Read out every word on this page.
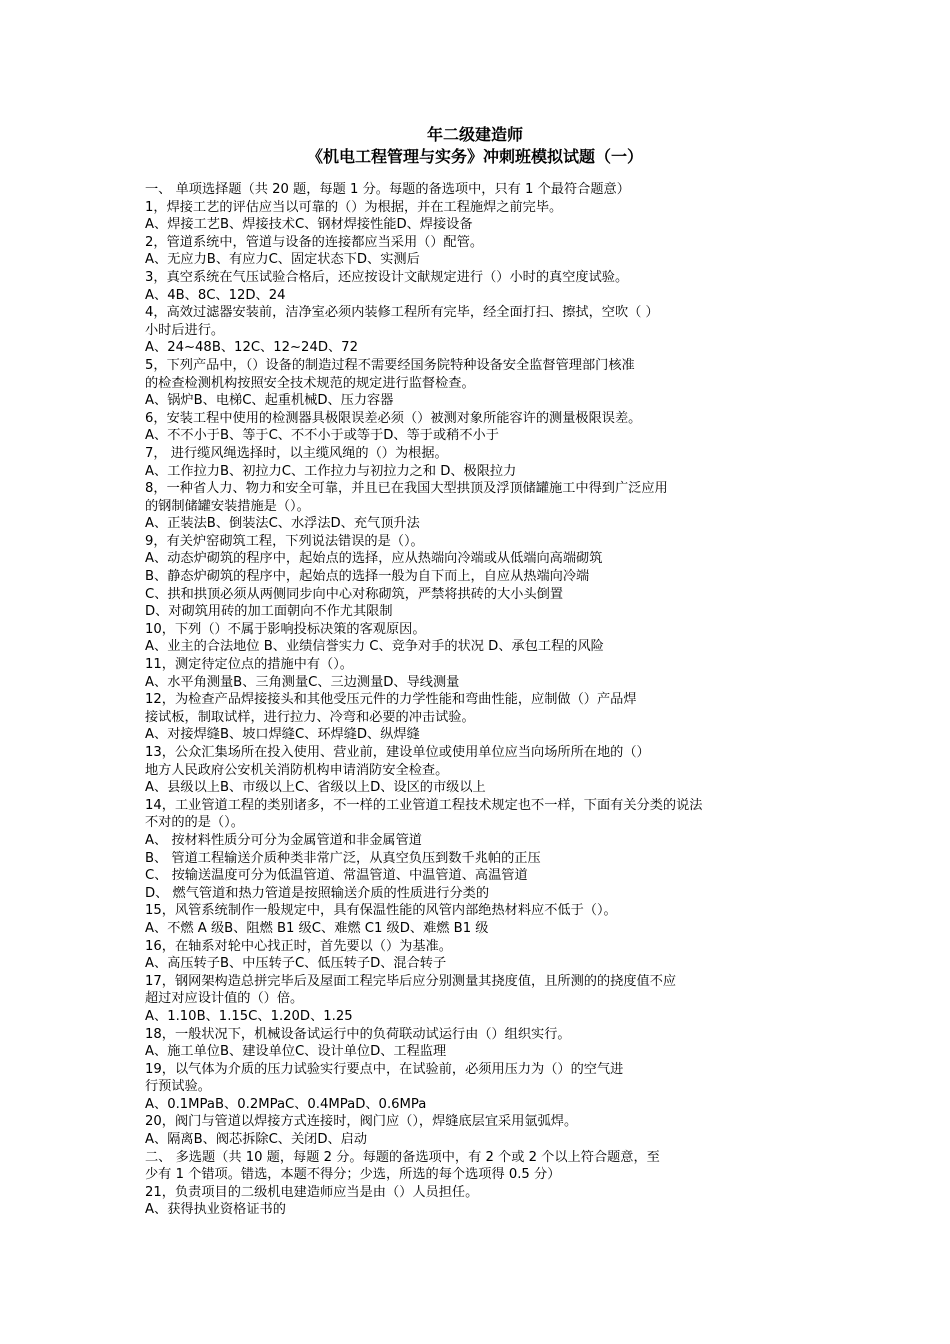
年二级建造师
《机电工程管理与实务》冲刺班模拟试题（一）
一、 单项选择题（共 20 题，每题 1 分。每题的备选项中，只有 1 个最符合题意）
1，焊接工艺的评估应当以可靠的（）为根据，并在工程施焊之前完毕。
A、焊接工艺B、焊接技术C、钢材焊接性能D、焊接设备
2，管道系统中，管道与设备的连接都应当采用（）配管。
A、无应力B、有应力C、固定状态下D、实测后
3，真空系统在气压试验合格后，还应按设计文献规定进行（）小时的真空度试验。
A、4B、8C、12D、24
4，高效过滤器安装前，洁净室必须内装修工程所有完毕，经全面打扫、擦拭，空吹（ ）
小时后进行。
A、24~48B、12C、12~24D、72
5，下列产品中，（）设备的制造过程不需要经国务院特种设备安全监督管理部门核准
的检查检测机构按照安全技术规范的规定进行监督检查。
A、锅炉B、电梯C、起重机械D、压力容器
6，安装工程中使用的检测器具极限误差必须（）被测对象所能容许的测量极限误差。
A、不不小于B、等于C、不不小于或等于D、等于或稍不小于
7， 进行缆风绳选择时，以主缆风绳的（）为根据。
A、工作拉力B、初拉力C、工作拉力与初拉力之和 D、极限拉力
8，一种省人力、物力和安全可靠，并且已在我国大型拱顶及浮顶储罐施工中得到广泛应用
的钢制储罐安装措施是（）。
A、正装法B、倒装法C、水浮法D、充气顶升法
9，有关炉窑砌筑工程，下列说法错误的是（）。
A、动态炉砌筑的程序中，起始点的选择，应从热端向冷端或从低端向高端砌筑
B、静态炉砌筑的程序中，起始点的选择一般为自下而上，自应从热端向冷端
C、拱和拱顶必须从两侧同步向中心对称砌筑，严禁将拱砖的大小头倒置
D、对砌筑用砖的加工面朝向不作尤其限制
10，下列（）不属于影响投标决策的客观原因。
A、业主的合法地位 B、业绩信誉实力 C、竞争对手的状况 D、承包工程的风险
11，测定待定位点的措施中有（）。
A、水平角测量B、三角测量C、三边测量D、导线测量
12，为检查产品焊接接头和其他受压元件的力学性能和弯曲性能，应制做（）产品焊
接试板，制取试样，进行拉力、冷弯和必要的冲击试验。
A、对接焊缝B、坡口焊缝C、环焊缝D、纵焊缝
13，公众汇集场所在投入使用、营业前，建设单位或使用单位应当向场所所在地的（）
地方人民政府公安机关消防机构申请消防安全检查。
A、县级以上B、市级以上C、省级以上D、设区的市级以上
14，工业管道工程的类别诸多，不一样的工业管道工程技术规定也不一样，下面有关分类的说法
不对的的是（）。
A、 按材料性质分可分为金属管道和非金属管道
B、 管道工程输送介质种类非常广泛，从真空负压到数千兆帕的正压
C、 按输送温度可分为低温管道、常温管道、中温管道、高温管道
D、 燃气管道和热力管道是按照输送介质的性质进行分类的
15，风管系统制作一般规定中，具有保温性能的风管内部绝热材料应不低于（）。
A、不燃 A 级B、阻燃 B1 级C、难燃 C1 级D、难燃 B1 级
16，在轴系对轮中心找正时，首先要以（）为基准。
A、高压转子B、中压转子C、低压转子D、混合转子
17，钢网架构造总拼完毕后及屋面工程完毕后应分别测量其挠度值，且所测的的挠度值不应
超过对应设计值的（）倍。
A、1.10B、1.15C、1.20D、1.25
18，一般状况下，机械设备试运行中的负荷联动试运行由（）组织实行。
A、施工单位B、建设单位C、设计单位D、工程监理
19，以气体为介质的压力试验实行要点中，在试验前，必须用压力为（）的空气进
行预试验。
A、0.1MPaB、0.2MPaC、0.4MPaD、0.6MPa
20，阀门与管道以焊接方式连接时，阀门应（），焊缝底层宜采用氩弧焊。
A、隔离B、阀芯拆除C、关闭D、启动
二、 多选题（共 10 题，每题 2 分。每题的备选项中，有 2 个或 2 个以上符合题意，至
少有 1 个错项。错选，本题不得分；少选，所选的每个选项得 0.5 分）
21，负责项目的二级机电建造师应当是由（）人员担任。
A、获得执业资格证书的
